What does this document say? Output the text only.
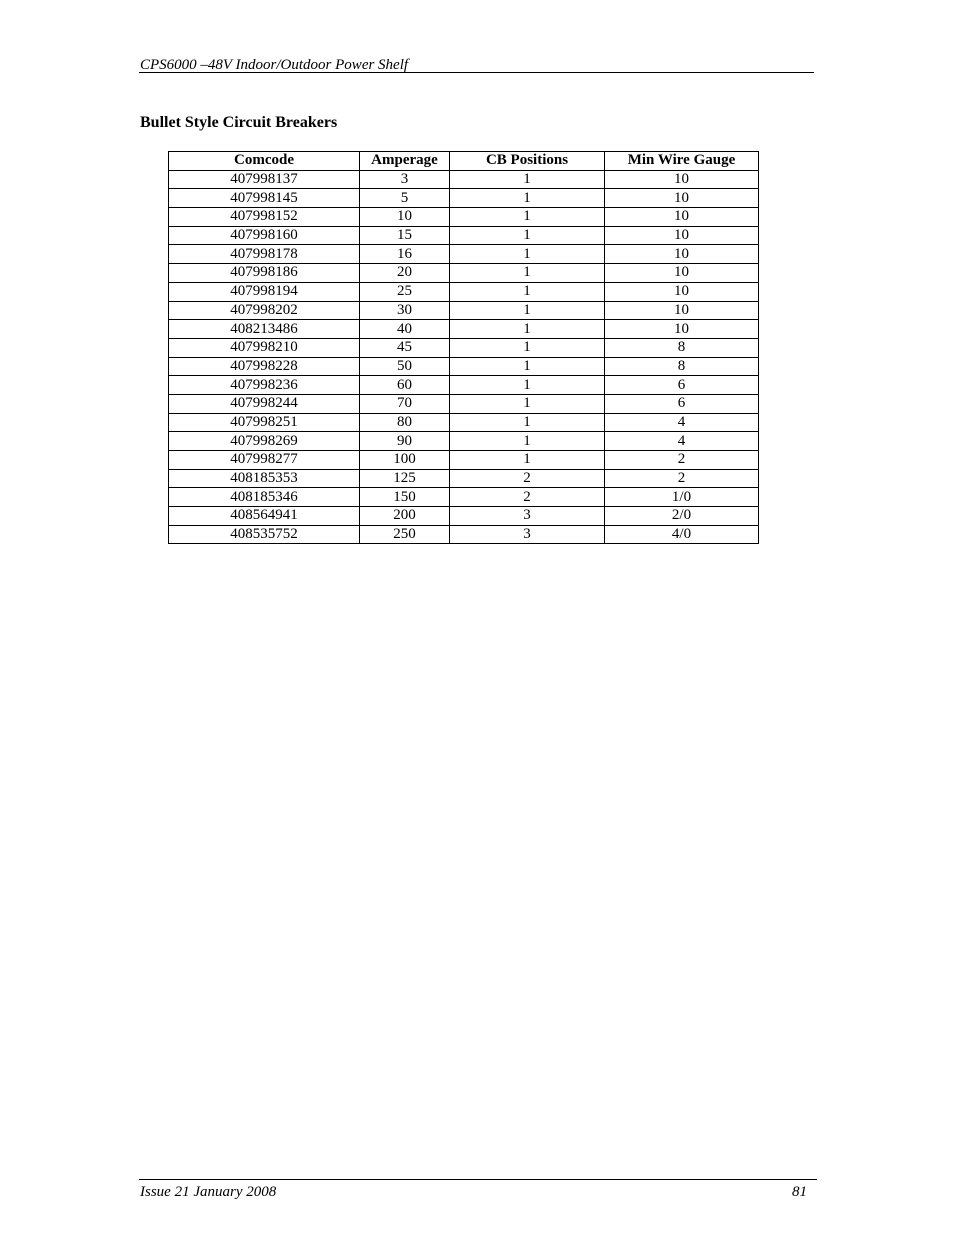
CPS6000 –48V Indoor/Outdoor Power Shelf
Bullet Style Circuit Breakers
Comcode	Amperage	CB Positions	Min Wire Gauge
407998137	3	1	10
407998145	5	1	10
407998152	10	1	10
407998160	15	1	10
407998178	16	1	10
407998186	20	1	10
407998194	25	1	10
407998202	30	1	10
408213486	40	1	10
407998210	45	1	8
407998228	50	1	8
407998236	60	1	6
407998244	70	1	6
407998251	80	1	4
407998269	90	1	4
407998277	100	1	2
408185353	125	2	2
408185346	150	2	1/0
408564941	200	3	2/0
408535752	250	3	4/0
Issue 21 January 2008	81
